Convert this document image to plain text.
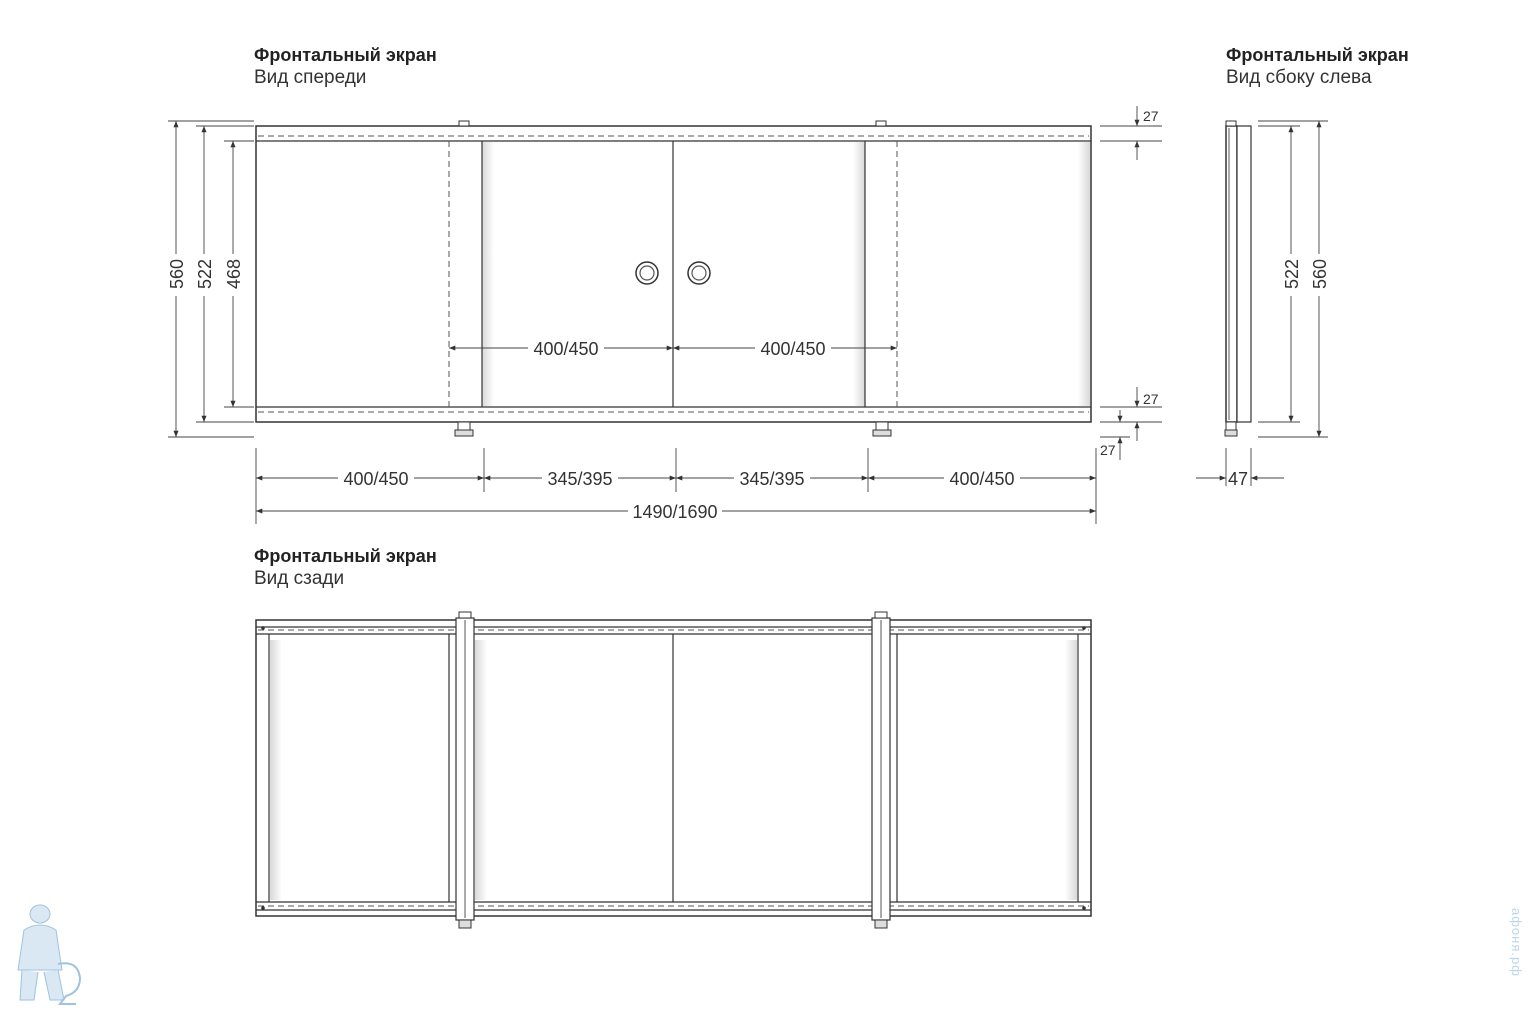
Фронтальный экран
Вид спереди
Фронтальный экран
Вид сбоку слева
Фронтальный экран
Вид сзади
560 522 468
27
27
27
400/450	400/450
400/450	345/395	345/395	400/450
1490/1690
522 560
47
афоня.рф
